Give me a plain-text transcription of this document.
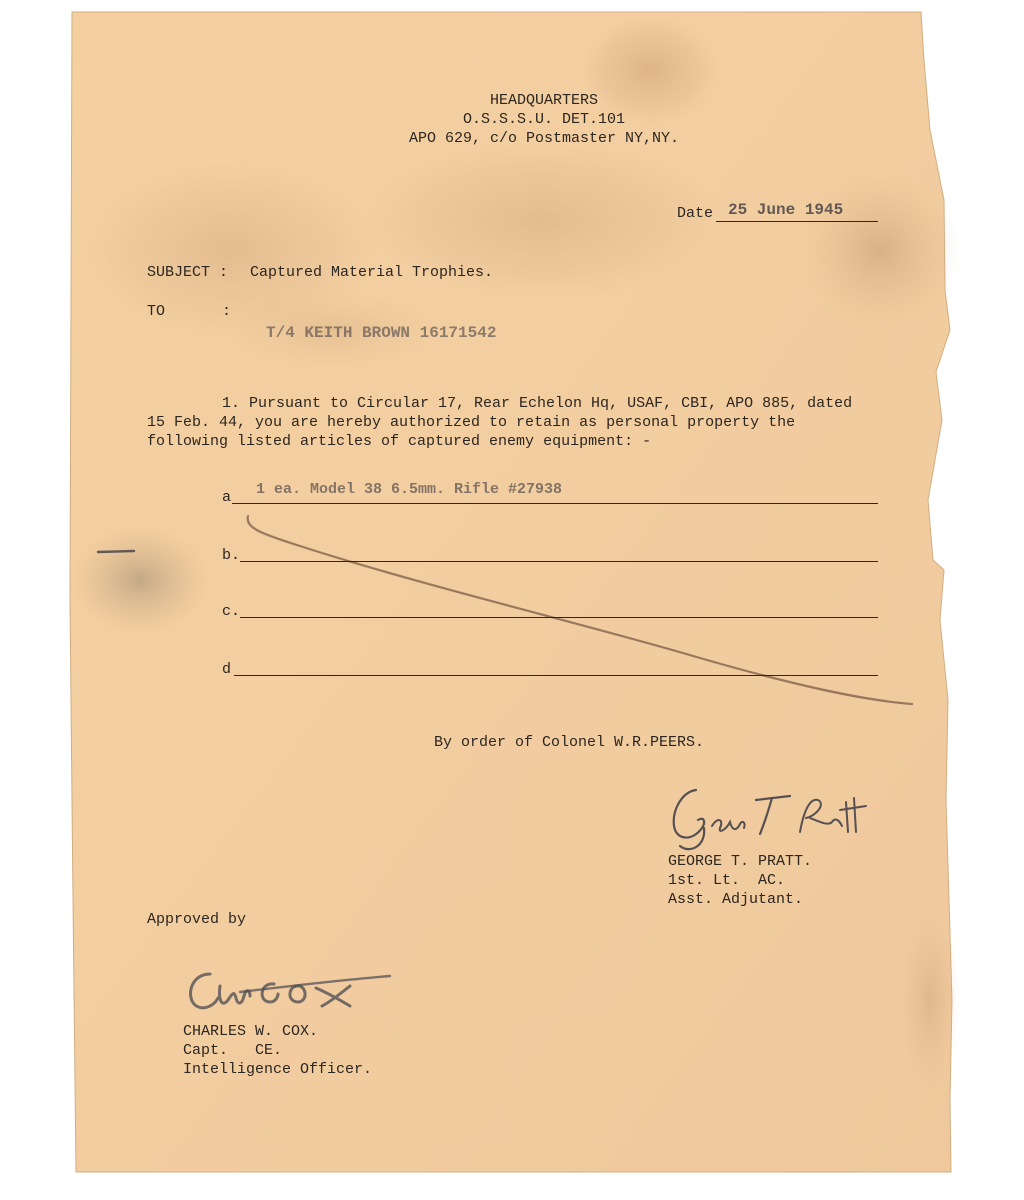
HEADQUARTERS
O.S.S.S.U. DET.101
APO 629, c/o Postmaster NY,NY.
Date 25 June 1945
SUBJECT : Captured Material Trophies.
TO	:
T/4 KEITH BROWN 16171542
1. Pursuant to Circular 17, Rear Echelon Hq, USAF, CBI, APO 885, dated
15 Feb. 44, you are hereby authorized to retain as personal property the
following listed articles of captured enemy equipment: -
a 1 ea. Model 38 6.5mm. Rifle #27938
b.
c.
d
By order of Colonel W.R.PEERS.
GEORGE T. PRATT.
1st. Lt.  AC.
Asst. Adjutant.
Approved by
CHARLES W. COX.
Capt.   CE.
Intelligence Officer.
